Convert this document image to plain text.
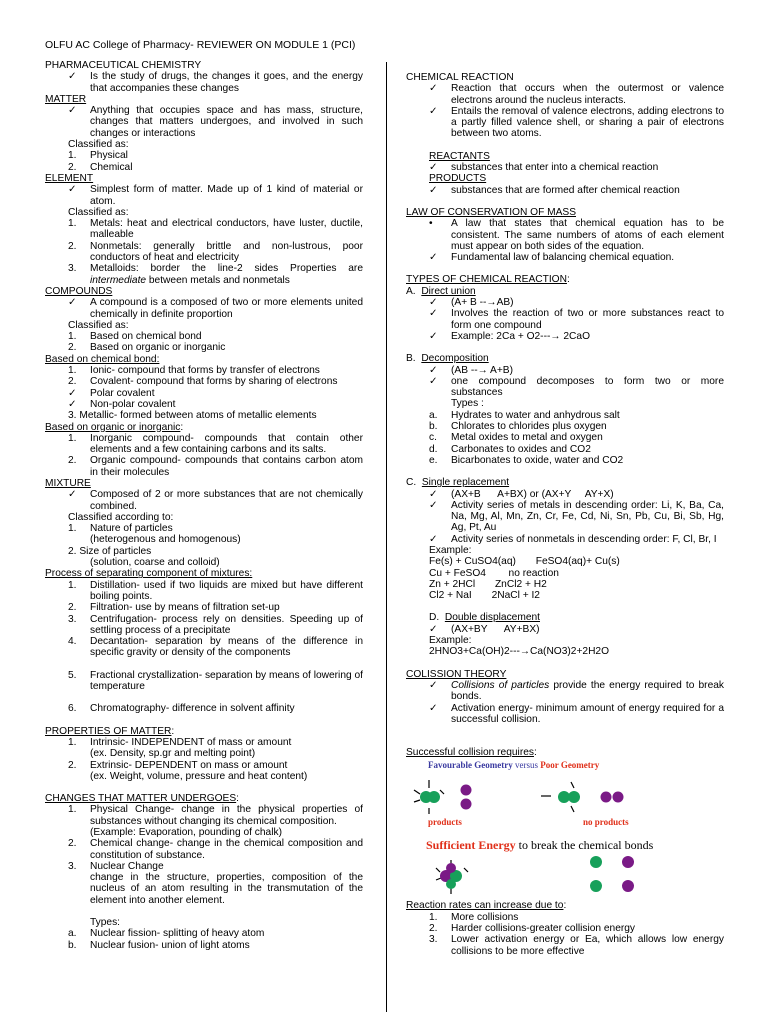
OLFU AC College of Pharmacy- REVIEWER ON MODULE 1 (PCI)
PHARMACEUTICAL CHEMISTRY
✓	Is the study of drugs, the changes it goes, and the energy that accompanies these changes
MATTER
✓	Anything that occupies space and has mass, structure, changes that matters undergoes, and involved in such changes or interactions
Classified as:
1.	Physical
2.	Chemical
ELEMENT
✓	Simplest form of matter. Made up of 1 kind of material or atom.
Classified as:
1.	Metals: heat and electrical conductors, have luster, ductile, malleable
2.	Nonmetals: generally brittle and non-lustrous, poor conductors of heat and electricity
3.	Metalloids: border the line-2 sides Properties are intermediate between metals and nonmetals
COMPOUNDS
✓	A compound is a composed of two or more elements united chemically in definite proportion
Classified as:
1.	Based on chemical bond
2.	Based on organic or inorganic
Based on chemical bond:
1.	Ionic- compound that forms by transfer of electrons
2.	Covalent- compound that forms by sharing of electrons
✓	Polar covalent
✓	Non-polar covalent
3. Metallic- formed between atoms of metallic elements
Based on organic or inorganic:
1.	Inorganic compound- compounds that contain other elements and a few containing carbons and its salts.
2.	Organic compound- compounds that contains carbon atom in their molecules
MIXTURE
✓	Composed of 2 or more substances that are not chemically combined.
Classified according to:
1.	Nature of particles
(heterogenous and homogenous)
2. Size of particles
(solution, coarse and colloid)
Process of separating component of mixtures:
1.	Distillation- used if two liquids are mixed but have different boiling points.
2.	Filtration- use by means of filtration set-up
3.	Centrifugation- process rely on densities. Speeding up of settling process of a precipitate
4.	Decantation- separation by means of the difference in specific gravity or density of the components
5.	Fractional crystallization- separation by means of lowering of temperature
6.	Chromatography- difference in solvent affinity
PROPERTIES OF MATTER:
1.	Intrinsic- INDEPENDENT of mass or amount
(ex. Density, sp.gr and melting point)
2.	Extrinsic- DEPENDENT on mass or amount
(ex. Weight, volume, pressure and heat content)
CHANGES THAT MATTER UNDERGOES:
1.	Physical Change- change in the physical properties of substances without changing its chemical composition.
(Example: Evaporation, pounding of chalk)
2.	Chemical change- change in the chemical composition and constitution of substance.
3.	Nuclear Change
change in the structure, properties, composition of the nucleus of an atom resulting in the transmutation of the element into another element.
Types:
a.	Nuclear fission- splitting of heavy atom
b.	Nuclear fusion- union of light atoms
CHEMICAL REACTION
✓	Reaction that occurs when the outermost or valence electrons around the nucleus interacts.
✓	Entails the removal of valence electrons, adding electrons to a partly filled valence shell, or sharing a pair of electrons between two atoms.
REACTANTS
✓	substances that enter into a chemical reaction
PRODUCTS
✓	substances that are formed after chemical reaction
LAW OF CONSERVATION OF MASS
•	A law that states that chemical equation has to be consistent. The same numbers of atoms of each element must appear on both sides of the equation.
✓	Fundamental law of balancing chemical equation.
TYPES OF CHEMICAL REACTION:
A. Direct union
✓	(A+ B --→AB)
✓	Involves the reaction of two or more substances react to form one compound
✓	Example: 2Ca + O2---→ 2CaO
B. Decomposition
✓	(AB --→ A+B)
✓	one compound decomposes to form two or more substances
Types :
a.	Hydrates to water and anhydrous salt
b.	Chlorates to chlorides plus oxygen
c.	Metal oxides to metal and oxygen
d.	Carbonates to oxides and CO2
e.	Bicarbonates to oxide, water and CO2
C. Single replacement
✓	(AX+B      A+BX) or (AX+Y     AY+X)
✓	Activity series of metals in descending order: Li, K, Ba, Ca, Na, Mg, Al, Mn, Zn, Cr, Fe, Cd, Ni, Sn, Pb, Cu, Bi, Sb, Hg, Ag, Pt, Au
✓	Activity series of nonmetals in descending order: F, Cl, Br, I
Example:
Fe(s) + CuSO4(aq)       FeSO4(aq)+ Cu(s)
Cu + FeSO4        no reaction
Zn + 2HCl       ZnCl2 + H2
Cl2 + NaI       2NaCl + I2
D. Double displacement
✓	(AX+BY      AY+BX)
Example:
2HNO3+Ca(OH)2---→Ca(NO3)2+2H2O
COLISSION THEORY
✓	Collisions of particles provide the energy required to break bonds.
✓	Activation energy- minimum amount of energy required for a successful collision.
Successful collision requires:
Favourable Geometry versus Poor Geometry
products	no products
Sufficient Energy to break the chemical bonds
Reaction rates can increase due to:
1.	More collisions
2.	Harder collisions-greater collision energy
3.	Lower activation energy or Ea, which allows low energy collisions to be more effective
